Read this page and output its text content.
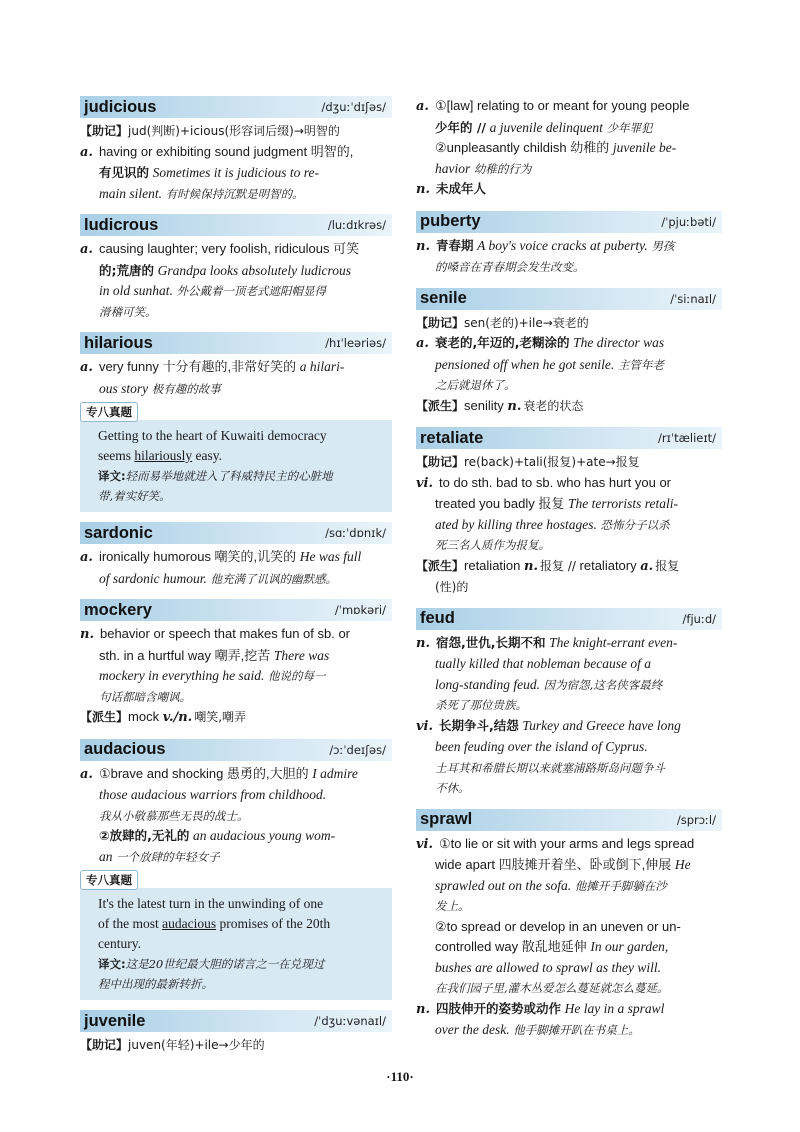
judicious	/dʒuːˈdɪʃəs/

【助记】jud(判断)+icious(形容词后缀)→明智的

a. having or exhibiting sound judgment 明智的,

有见识的 Sometimes it is judicious to re-

main silent. 有时候保持沉默是明智的。

ludicrous	/luːdɪkrəs/

a. causing laughter; very foolish, ridiculous 可笑

的;荒唐的 Grandpa looks absolutely ludicrous

in old sunhat. 外公戴着一顶老式遮阳帽显得

滑稽可笑。

hilarious	/hɪˈleəriəs/

a. very funny 十分有趣的,非常好笑的 a hilari-

ous story 极有趣的故事

专八真题

Getting to the heart of Kuwaiti democracy

seems hilariously easy.

译文:轻而易举地就进入了科威特民主的心脏地

带,着实好笑。

sardonic	/sɑːˈdɒnɪk/

a. ironically humorous 嘲笑的,讥笑的 He was full

of sardonic humour. 他充满了讥讽的幽默感。

mockery	/ˈmɒkəri/

n. behavior or speech that makes fun of sb. or

sth. in a hurtful way 嘲弄,挖苦 There was

mockery in everything he said. 他说的每一

句话都暗含嘲讽。

【派生】mock v./n. 嘲笑,嘲弄

audacious	/ɔːˈdeɪʃəs/

a. ①brave and shocking 愚勇的,大胆的 I admire

those audacious warriors from childhood.

我从小敬慕那些无畏的战士。

②放肆的,无礼的 an audacious young wom-

an 一个放肆的年轻女子

专八真题

It's the latest turn in the unwinding of one

of the most audacious promises of the 20th

century.

译文:这是20世纪最大胆的诺言之一在兑现过

程中出现的最新转折。

juvenile	/ˈdʒuːvənaɪl/

【助记】juven(年轻)+ile→少年的

a. ①[law] relating to or meant for young people

少年的 // a juvenile delinquent 少年罪犯

②unpleasantly childish 幼稚的 juvenile be-

havior 幼稚的行为

n. 未成年人

puberty	/ˈpjuːbəti/

n. 青春期 A boy's voice cracks at puberty. 男孩

的嗓音在青春期会发生改变。

senile	/ˈsiːnaɪl/

【助记】sen(老的)+ile→衰老的

a. 衰老的,年迈的,老糊涂的 The director was

pensioned off when he got senile. 主管年老

之后就退休了。

【派生】senility n. 衰老的状态

retaliate	/rɪˈtælieɪt/

【助记】re(back)+tali(报复)+ate→报复

vi. to do sth. bad to sb. who has hurt you or

treated you badly 报复 The terrorists retali-

ated by killing three hostages. 恐怖分子以杀

死三名人质作为报复。

【派生】retaliation n. 报复 // retaliatory a. 报复

(性)的

feud	/fjuːd/

n. 宿怨,世仇,长期不和 The knight-errant even-

tually killed that nobleman because of a

long-standing feud. 因为宿怨,这名侠客最终

杀死了那位贵族。

vi. 长期争斗,结怨 Turkey and Greece have long

been feuding over the island of Cyprus.

土耳其和希腊长期以来就塞浦路斯岛问题争斗

不休。

sprawl	/sprɔːl/

vi. ①to lie or sit with your arms and legs spread

wide apart 四肢摊开着坐、卧或倒下,伸展 He

sprawled out on the sofa. 他摊开手脚躺在沙

发上。

②to spread or develop in an uneven or un-

controlled way 散乱地延伸 In our garden,

bushes are allowed to sprawl as they will.

在我们园子里,灌木丛爱怎么蔓延就怎么蔓延。

n. 四肢伸开的姿势或动作 He lay in a sprawl

over the desk. 他手脚摊开趴在书桌上。

·110·
